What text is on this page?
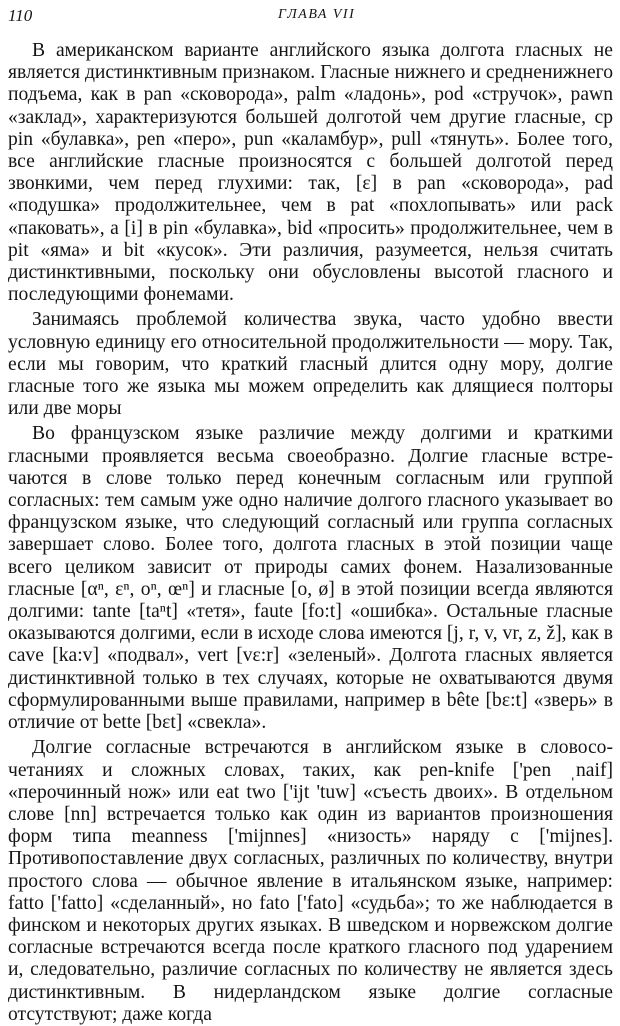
110	ГЛАВА VII

В американском варианте английского языка долгота гласных не является дистинктивным признаком. Гласные нижнего и средненижнего подъема, как в pan «сковорода», palm «ладонь», pod «стручок», pawn «заклад», характеризуются большей долготой чем другие гласные, ср pin «булавка», pen «перо», pun «каламбур», pull «тянуть». Более того, все английские гласные произносятся с большей долготой перед звонкими, чем перед глухими: так, [ε] в pan «сковорода», pad «подушка» продолжительнее, чем в pat «похлопывать» или pack «паковать», а [i] в pin «булавка», bid «просить» продолжительнее, чем в pit «яма» и bit «кусок». Эти различия, разумеется, нельзя считать дистинктивными, поскольку они обусловлены высотой гласного и последующими фонемами.

Занимаясь проблемой количества звука, часто удобно ввести условную единицу его относительной продолжительности — мору. Так, если мы говорим, что краткий гласный длится одну мору, долгие гласные того же языка мы можем определить как длящиеся полторы или две моры

Во французском языке различие между долгими и краткими гласными проявляется весьма своеобразно. Долгие гласные встречаются в слове только перед конечным согласным или группой согласных: тем самым уже одно наличие долгого гласного указывает во французском языке, что следующий согласный или группа согласных завершает слово. Более того, долгота гласных в этой позиции чаще всего целиком зависит от природы самих фонем. Назализованные гласные [αⁿ, εⁿ, oⁿ, œⁿ] и гласные [o, ø] в этой позиции всегда являются долгими: tante [taⁿt] «тетя», faute [fo:t] «ошибка». Остальные гласные оказываются долгими, если в исходе слова имеются [j, r, v, vr, z, ž], как в cave [ka:v] «подвал», vert [vε:r] «зеленый». Долгота гласных является дистинктивной только в тех случаях, которые не охватываются двумя сформулированными выше правилами, например в bête [bε:t] «зверь» в отличие от bette [bεt] «свекла».

Долгие согласные встречаются в английском языке в словосочетаниях и сложных словах, таких, как pen-knife ['pen ˌnaif] «перочинный нож» или eat two ['ijt 'tuw] «съесть двоих». В отдельном слове [nn] встречается только как один из вариантов произношения форм типа meanness ['mijnnes] «низость» наряду с ['mijnes]. Противопоставление двух согласных, различных по количеству, внутри простого слова — обычное явление в итальянском языке, например: fatto ['fatto] «сделанный», но fato ['fato] «судьба»; то же наблюдается в финском и некоторых других языках. В шведском и норвежском долгие согласные встречаются всегда после краткого гласного под ударением и, следовательно, различие согласных по количеству не является здесь дистинктивным. В нидерландском языке долгие согласные отсутствуют; даже когда
